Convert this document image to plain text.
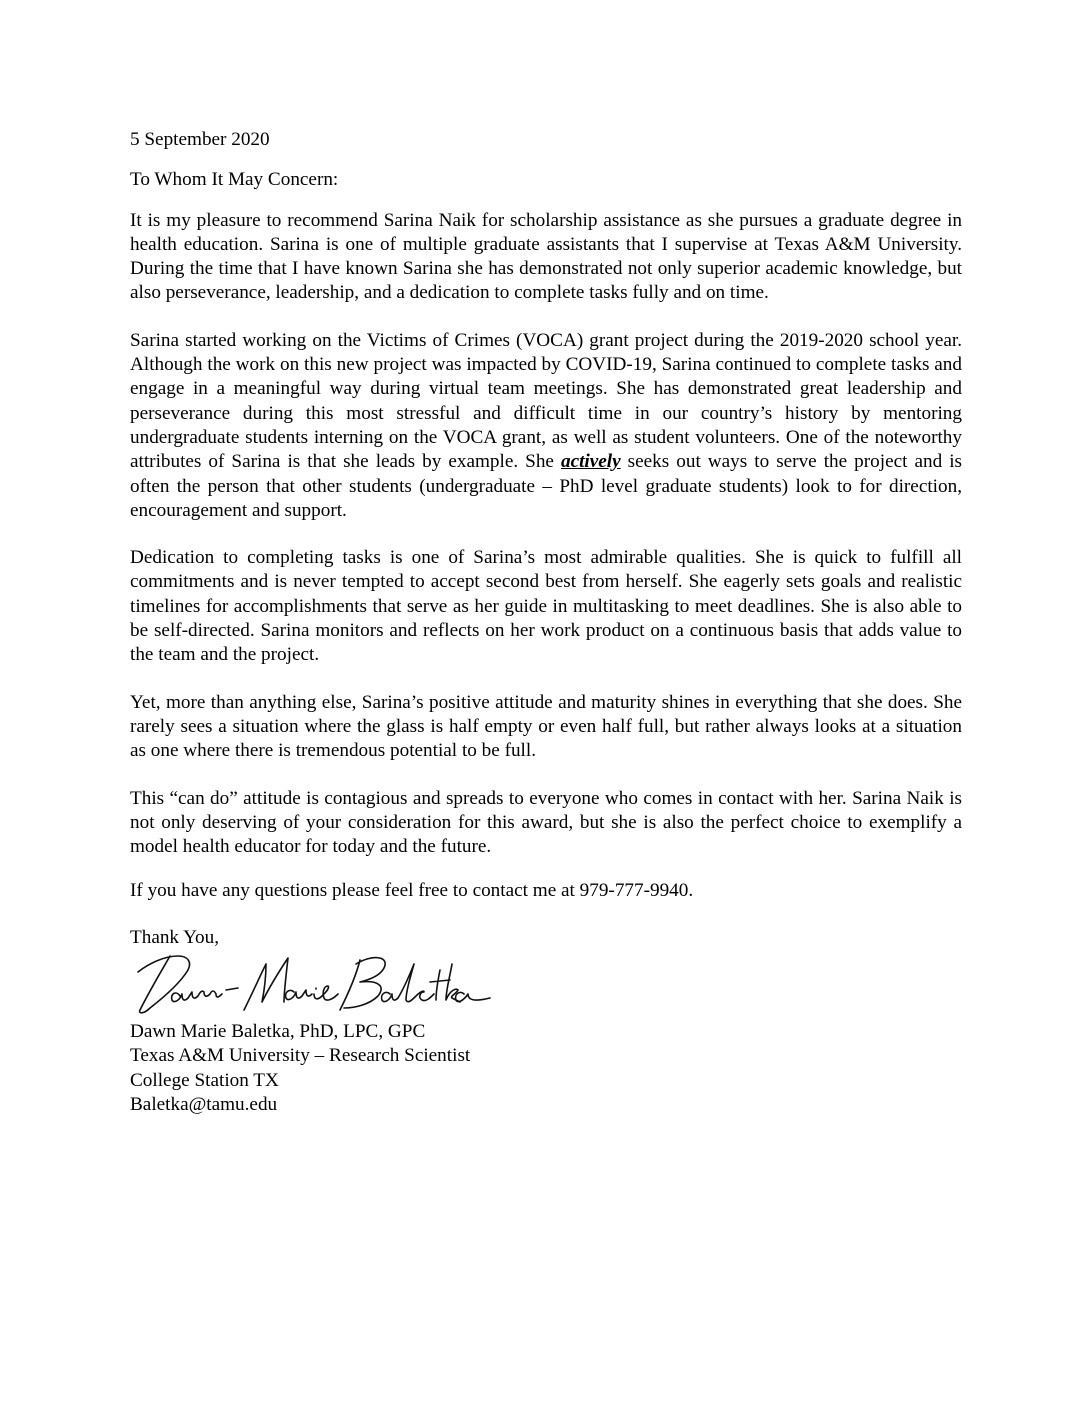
5 September 2020

To Whom It May Concern:

It is my pleasure to recommend Sarina Naik for scholarship assistance as she pursues a graduate degree in health education. Sarina is one of multiple graduate assistants that I supervise at Texas A&M University. During the time that I have known Sarina she has demonstrated not only superior academic knowledge, but also perseverance, leadership, and a dedication to complete tasks fully and on time.

Sarina started working on the Victims of Crimes (VOCA) grant project during the 2019-2020 school year. Although the work on this new project was impacted by COVID-19, Sarina continued to complete tasks and engage in a meaningful way during virtual team meetings. She has demonstrated great leadership and perseverance during this most stressful and difficult time in our country’s history by mentoring undergraduate students interning on the VOCA grant, as well as student volunteers. One of the noteworthy attributes of Sarina is that she leads by example. She actively seeks out ways to serve the project and is often the person that other students (undergraduate – PhD level graduate students) look to for direction, encouragement and support.

Dedication to completing tasks is one of Sarina’s most admirable qualities. She is quick to fulfill all commitments and is never tempted to accept second best from herself. She eagerly sets goals and realistic timelines for accomplishments that serve as her guide in multitasking to meet deadlines. She is also able to be self-directed. Sarina monitors and reflects on her work product on a continuous basis that adds value to the team and the project.

Yet, more than anything else, Sarina’s positive attitude and maturity shines in everything that she does. She rarely sees a situation where the glass is half empty or even half full, but rather always looks at a situation as one where there is tremendous potential to be full.

This “can do” attitude is contagious and spreads to everyone who comes in contact with her. Sarina Naik is not only deserving of your consideration for this award, but she is also the perfect choice to exemplify a model health educator for today and the future.

If you have any questions please feel free to contact me at 979-777-9940.

Thank You,

Dawn Marie Baletka, PhD, LPC, GPC

Texas A&M University – Research Scientist

College Station TX

Baletka@tamu.edu
